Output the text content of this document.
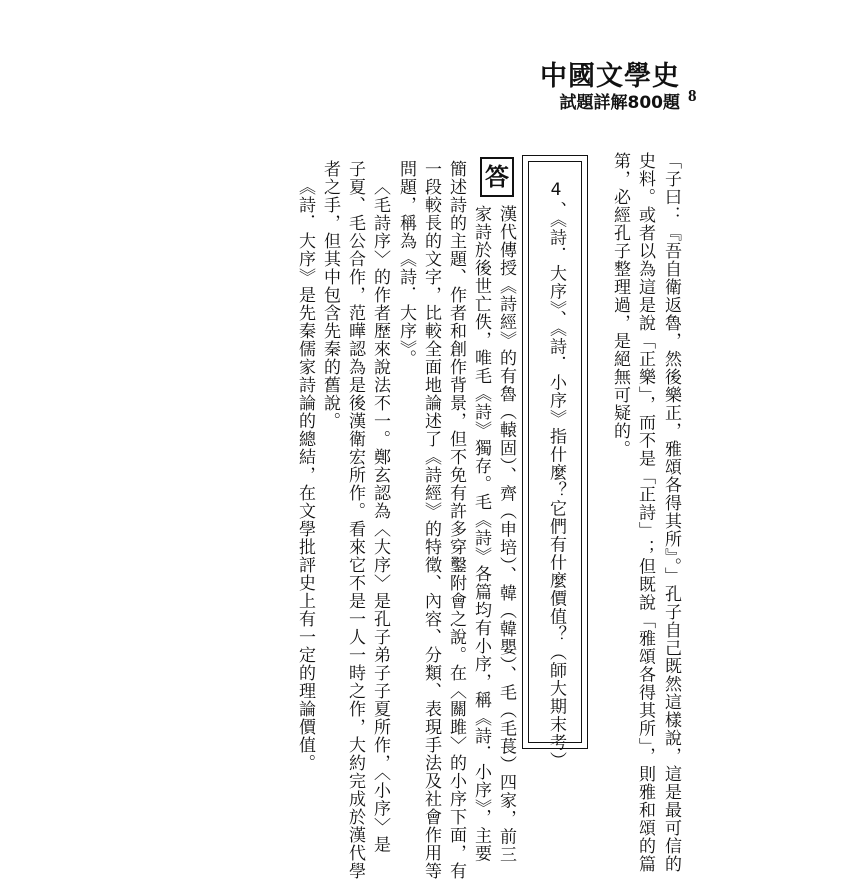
中國文學史
試題詳解800題 8
「子曰：『吾自衛返魯，然後樂正，雅頌各得其所』。」孔子自己既然這樣說，這是最可信的
史料。或者以為這是說「正樂」，而不是「正詩」；但既說「雅頌各得其所」，則雅和頌的篇
第，必經孔子整理過，是絕無可疑的。
4、《詩．大序》、《詩．小序》指什麼？它們有什麼價值？（師大期末考）
答
漢代傳授《詩經》的有魯（轅固）、齊（申培）、韓（韓嬰）、毛（毛萇）四家，前三
家詩於後世亡佚，唯毛《詩》獨存。毛《詩》各篇均有小序，稱《詩．小序》，主要
簡述詩的主題、作者和創作背景，但不免有許多穿鑿附會之說。在〈關雎〉的小序下面，有
一段較長的文字，比較全面地論述了《詩經》的特徵、內容、分類、表現手法及社會作用等
問題，稱為《詩．大序》。
〈毛詩序〉的作者歷來說法不一。鄭玄認為〈大序〉是孔子弟子子夏所作，〈小序〉是
子夏、毛公合作，范曄認為是後漢衛宏所作。看來它不是一人一時之作，大約完成於漢代學
者之手，但其中包含先秦的舊說。
《詩．大序》是先秦儒家詩論的總結，在文學批評史上有一定的理論價值。
